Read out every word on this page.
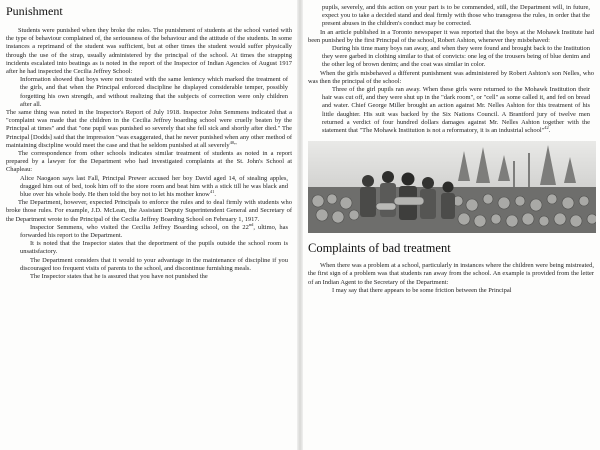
Punishment

Students were punished when they broke the rules. The punishment of students at the school varied with the type of behaviour complained of, the seriousness of the behaviour and the attitude of the students. In some instances a reprimand of the student was sufficient, but at other times the student would suffer physically through the use of the strap, usually administered by the principal of the school. At times the strapping incidents escalated into beatings as is noted in the report of the Inspector of Indian Agencies of August 1917 after he had inspected the Cecilia Jeffrey School:

Information showed that boys were not treated with the same leniency which marked the treatment of the girls, and that when the Principal enforced discipline he displayed considerable temper, possibly forgetting his own strength, and without realizing that the subjects of correction were only children after all.

The same thing was noted in the Inspector's Report of July 1918. Inspector John Semmens indicated that a "complaint was made that the children in the Cecilia Jeffrey boarding school were cruelly beaten by the Principal at times" and that "one pupil was punished so severely that she fell sick and shortly after died." The Principal [Dodds] said that the impression "was exaggerated, that he never punished when any other method of maintaining discipline would meet the case and that he seldom punished at all severely$^{40}$"

The correspondence from other schools indicates similar treatment of students as noted in a report prepared by a lawyer for the Department who had investigated complaints at the St. John's School at Chapleau:

Alice Naogaon says last Fall, Principal Prewer accused her boy David aged 14, of stealing apples, dragged him out of bed, took him off to the store room and beat him with a stick till he was black and blue over his whole body. He then told the boy not to let his mother know$^{41}$.

The Department, however, expected Principals to enforce the rules and to deal firmly with students who broke those rules. For example, J.D. McLean, the Assistant Deputy Superintendent General and Secretary of the Department wrote to the Principal of the Cecilia Jeffrey Boarding School on February 1, 1917.

Inspector Semmens, who visited the Cecilia Jeffrey Boarding school, on the 22nd, ultimo, has forwarded his report to the Department.

It is noted that the Inspector states that the deportment of the pupils outside the school room is unsatisfactory.

The Department considers that it would to your advantage in the maintenance of discipline if you discouraged too frequent visits of parents to the school, and discontinue furnishing meals.

The Inspector states that he is assured that you have not punished the

pupils, severely, and this action on your part is to be commended, still, the Department will, in future, expect you to take a decided stand and deal firmly with those who transgress the rules, in order that the present abuses in the children's conduct may be corrected.

In an article published in a Toronto newspaper it was reported that the boys at the Mohawk Institute had been punished by the first Principal of the school, Robert Ashton, whenever they misbehaved:

During his time many boys ran away, and when they were found and brought back to the Institution they were garbed in clothing similar to that of convicts: one leg of the trousers being of blue denim and the other leg of brown denim; and the coat was similar in color.

When the girls misbehaved a different punishment was administered by Robert Ashton's son Nelles, who was then the principal of the school:

Three of the girl pupils ran away. When these girls were returned to the Mohawk Institution their hair was cut off, and they were shut up in the "dark room", or "cell" as some called it, and fed on bread and water. Chief George Miller brought an action against Mr. Nelles Ashton for this treatment of his little daughter. His suit was backed by the Six Nations Council. A Brantford jury of twelve men returned a verdict of four hundred dollars damages against Mr. Nelles Ashton together with the statement that "The Mohawk Institution is not a reformatory, it is an industrial school"$^{42}$.

Complaints of bad treatment

When there was a problem at a school, particularly in instances where the children were being mistreated, the first sign of a problem was that students ran away from the school. An example is provided from the letter of an Indian Agent to the Secretary of the Department:

I may say that there appears to be some friction between the Principal
